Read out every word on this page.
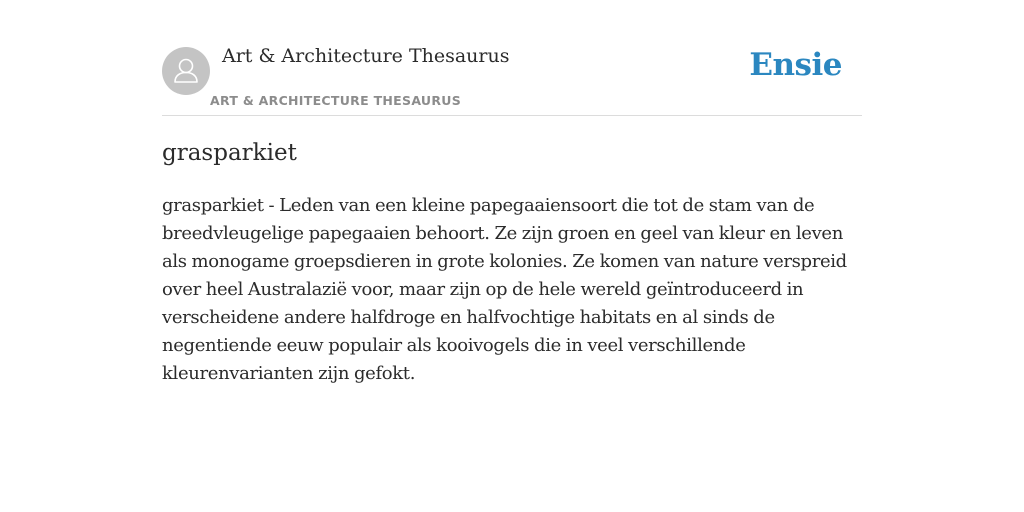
Art & Architecture Thesaurus
ART & ARCHITECTURE THESAURUS
Ensie
grasparkiet

grasparkiet - Leden van een kleine papegaaiensoort die tot de stam van de breedvleugelige papegaaien behoort. Ze zijn groen en geel van kleur en leven als monogame groepsdieren in grote kolonies. Ze komen van nature verspreid over heel Australazië voor, maar zijn op de hele wereld geïntroduceerd in verscheidene andere halfdroge en halfvochtige habitats en al sinds de negentiende eeuw populair als kooivogels die in veel verschillende kleurenvarianten zijn gefokt.
